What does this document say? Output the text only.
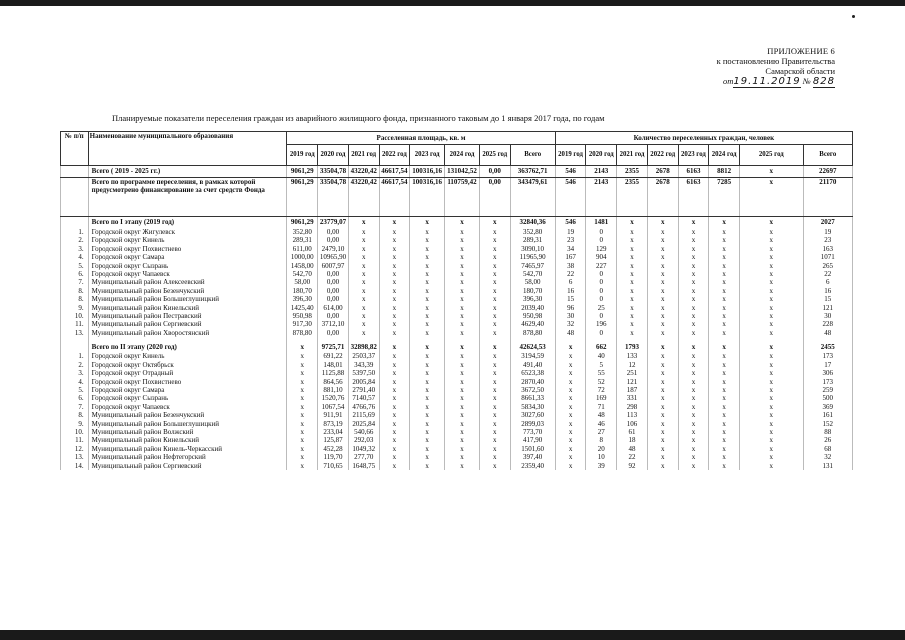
ПРИЛОЖЕНИЕ 6
к постановлению Правительства
Самарской области
от19.11.2019 № 828
Планируемые показатели переселения граждан из аварийного жилищного фонда, признанного таковым до 1 января 2017 года, по годам
№ п/п	Наименование муниципального образования	Расселенная площадь, кв. м								Количество переселенных граждан, человек							
		2019 год	2020 год	2021 год	2022 год	2023 год	2024 год	2025 год	Всего	2019 год	2020 год	2021 год	2022 год	2023 год	2024 год	2025 год	Всего
	Всего ( 2019 - 2025 гг.)	9061,29	33504,78	43220,42	46617,54	100316,16	131042,52	0,00	363762,71	546	2143	2355	2678	6163	8812	x	22697
	Всего по программе переселения, в рамках которой предусмотрено финансирование за счет средств Фонда	9061,29	33504,78	43220,42	46617,54	100316,16	110759,42	0,00	343479,61	546	2143	2355	2678	6163	7285	x	21170
	Всего по I этапу (2019 год)	9061,29	23779,07	x	x	x	x	x	32840,36	546	1481	x	x	x	x	x	2027
1.	Городской округ Жигулевск	352,80	0,00	x	x	x	x	x	352,80	19	0	x	x	x	x	x	19
2.	Городской округ Кинель	289,31	0,00	x	x	x	x	x	289,31	23	0	x	x	x	x	x	23
3.	Городской округ Похвистнево	611,00	2479,10	x	x	x	x	x	3090,10	34	129	x	x	x	x	x	163
4.	Городской округ Самара	1000,00	10965,90	x	x	x	x	x	11965,90	167	904	x	x	x	x	x	1071
5.	Городской округ Сызрань	1458,00	6007,97	x	x	x	x	x	7465,97	38	227	x	x	x	x	x	265
6.	Городской округ Чапаевск	542,70	0,00	x	x	x	x	x	542,70	22	0	x	x	x	x	x	22
7.	Муниципальный район Алексеевский	58,00	0,00	x	x	x	x	x	58,00	6	0	x	x	x	x	x	6
8.	Муниципальный район Безенчукский	180,70	0,00	x	x	x	x	x	180,70	16	0	x	x	x	x	x	16
8.	Муниципальный район Большеглушицкий	396,30	0,00	x	x	x	x	x	396,30	15	0	x	x	x	x	x	15
9.	Муниципальный район Кинельский	1425,40	614,00	x	x	x	x	x	2039,40	96	25	x	x	x	x	x	121
10.	Муниципальный район Пестравский	950,98	0,00	x	x	x	x	x	950,98	30	0	x	x	x	x	x	30
11.	Муниципальный район Сергиевский	917,30	3712,10	x	x	x	x	x	4629,40	32	196	x	x	x	x	x	228
13.	Муниципальный район Хворостянский	878,80	0,00	x	x	x	x	x	878,80	48	0	x	x	x	x	x	48
	Всего по II этапу (2020 год)	x	9725,71	32898,82	x	x	x	x	42624,53	x	662	1793	x	x	x	x	2455
1.	Городской округ Кинель	x	691,22	2503,37	x	x	x	x	3194,59	x	40	133	x	x	x	x	173
2.	Городской округ Октябрьск	x	148,01	343,39	x	x	x	x	491,40	x	5	12	x	x	x	x	17
3.	Городской округ Отрадный	x	1125,88	5397,50	x	x	x	x	6523,38	x	55	251	x	x	x	x	306
4.	Городской округ Похвистнево	x	864,56	2005,84	x	x	x	x	2870,40	x	52	121	x	x	x	x	173
5.	Городской округ Самара	x	881,10	2791,40	x	x	x	x	3672,50	x	72	187	x	x	x	x	259
6.	Городской округ Сызрань	x	1520,76	7140,57	x	x	x	x	8661,33	x	169	331	x	x	x	x	500
7.	Городской округ Чапаевск	x	1067,54	4766,76	x	x	x	x	5834,30	x	71	298	x	x	x	x	369
8.	Муниципальный район Безенчукский	x	911,91	2115,69	x	x	x	x	3027,60	x	48	113	x	x	x	x	161
9.	Муниципальный район Большеглушицкий	x	873,19	2025,84	x	x	x	x	2899,03	x	46	106	x	x	x	x	152
10.	Муниципальный район Волжский	x	233,04	540,66	x	x	x	x	773,70	x	27	61	x	x	x	x	88
11.	Муниципальный район Кинельский	x	125,87	292,03	x	x	x	x	417,90	x	8	18	x	x	x	x	26
12.	Муниципальный район Кинель-Черкасский	x	452,28	1049,32	x	x	x	x	1501,60	x	20	48	x	x	x	x	68
13.	Муниципальный район Нефтегорский	x	119,70	277,70	x	x	x	x	397,40	x	10	22	x	x	x	x	32
14.	Муниципальный район Сергиевский	x	710,65	1648,75	x	x	x	x	2359,40	x	39	92	x	x	x	x	131
